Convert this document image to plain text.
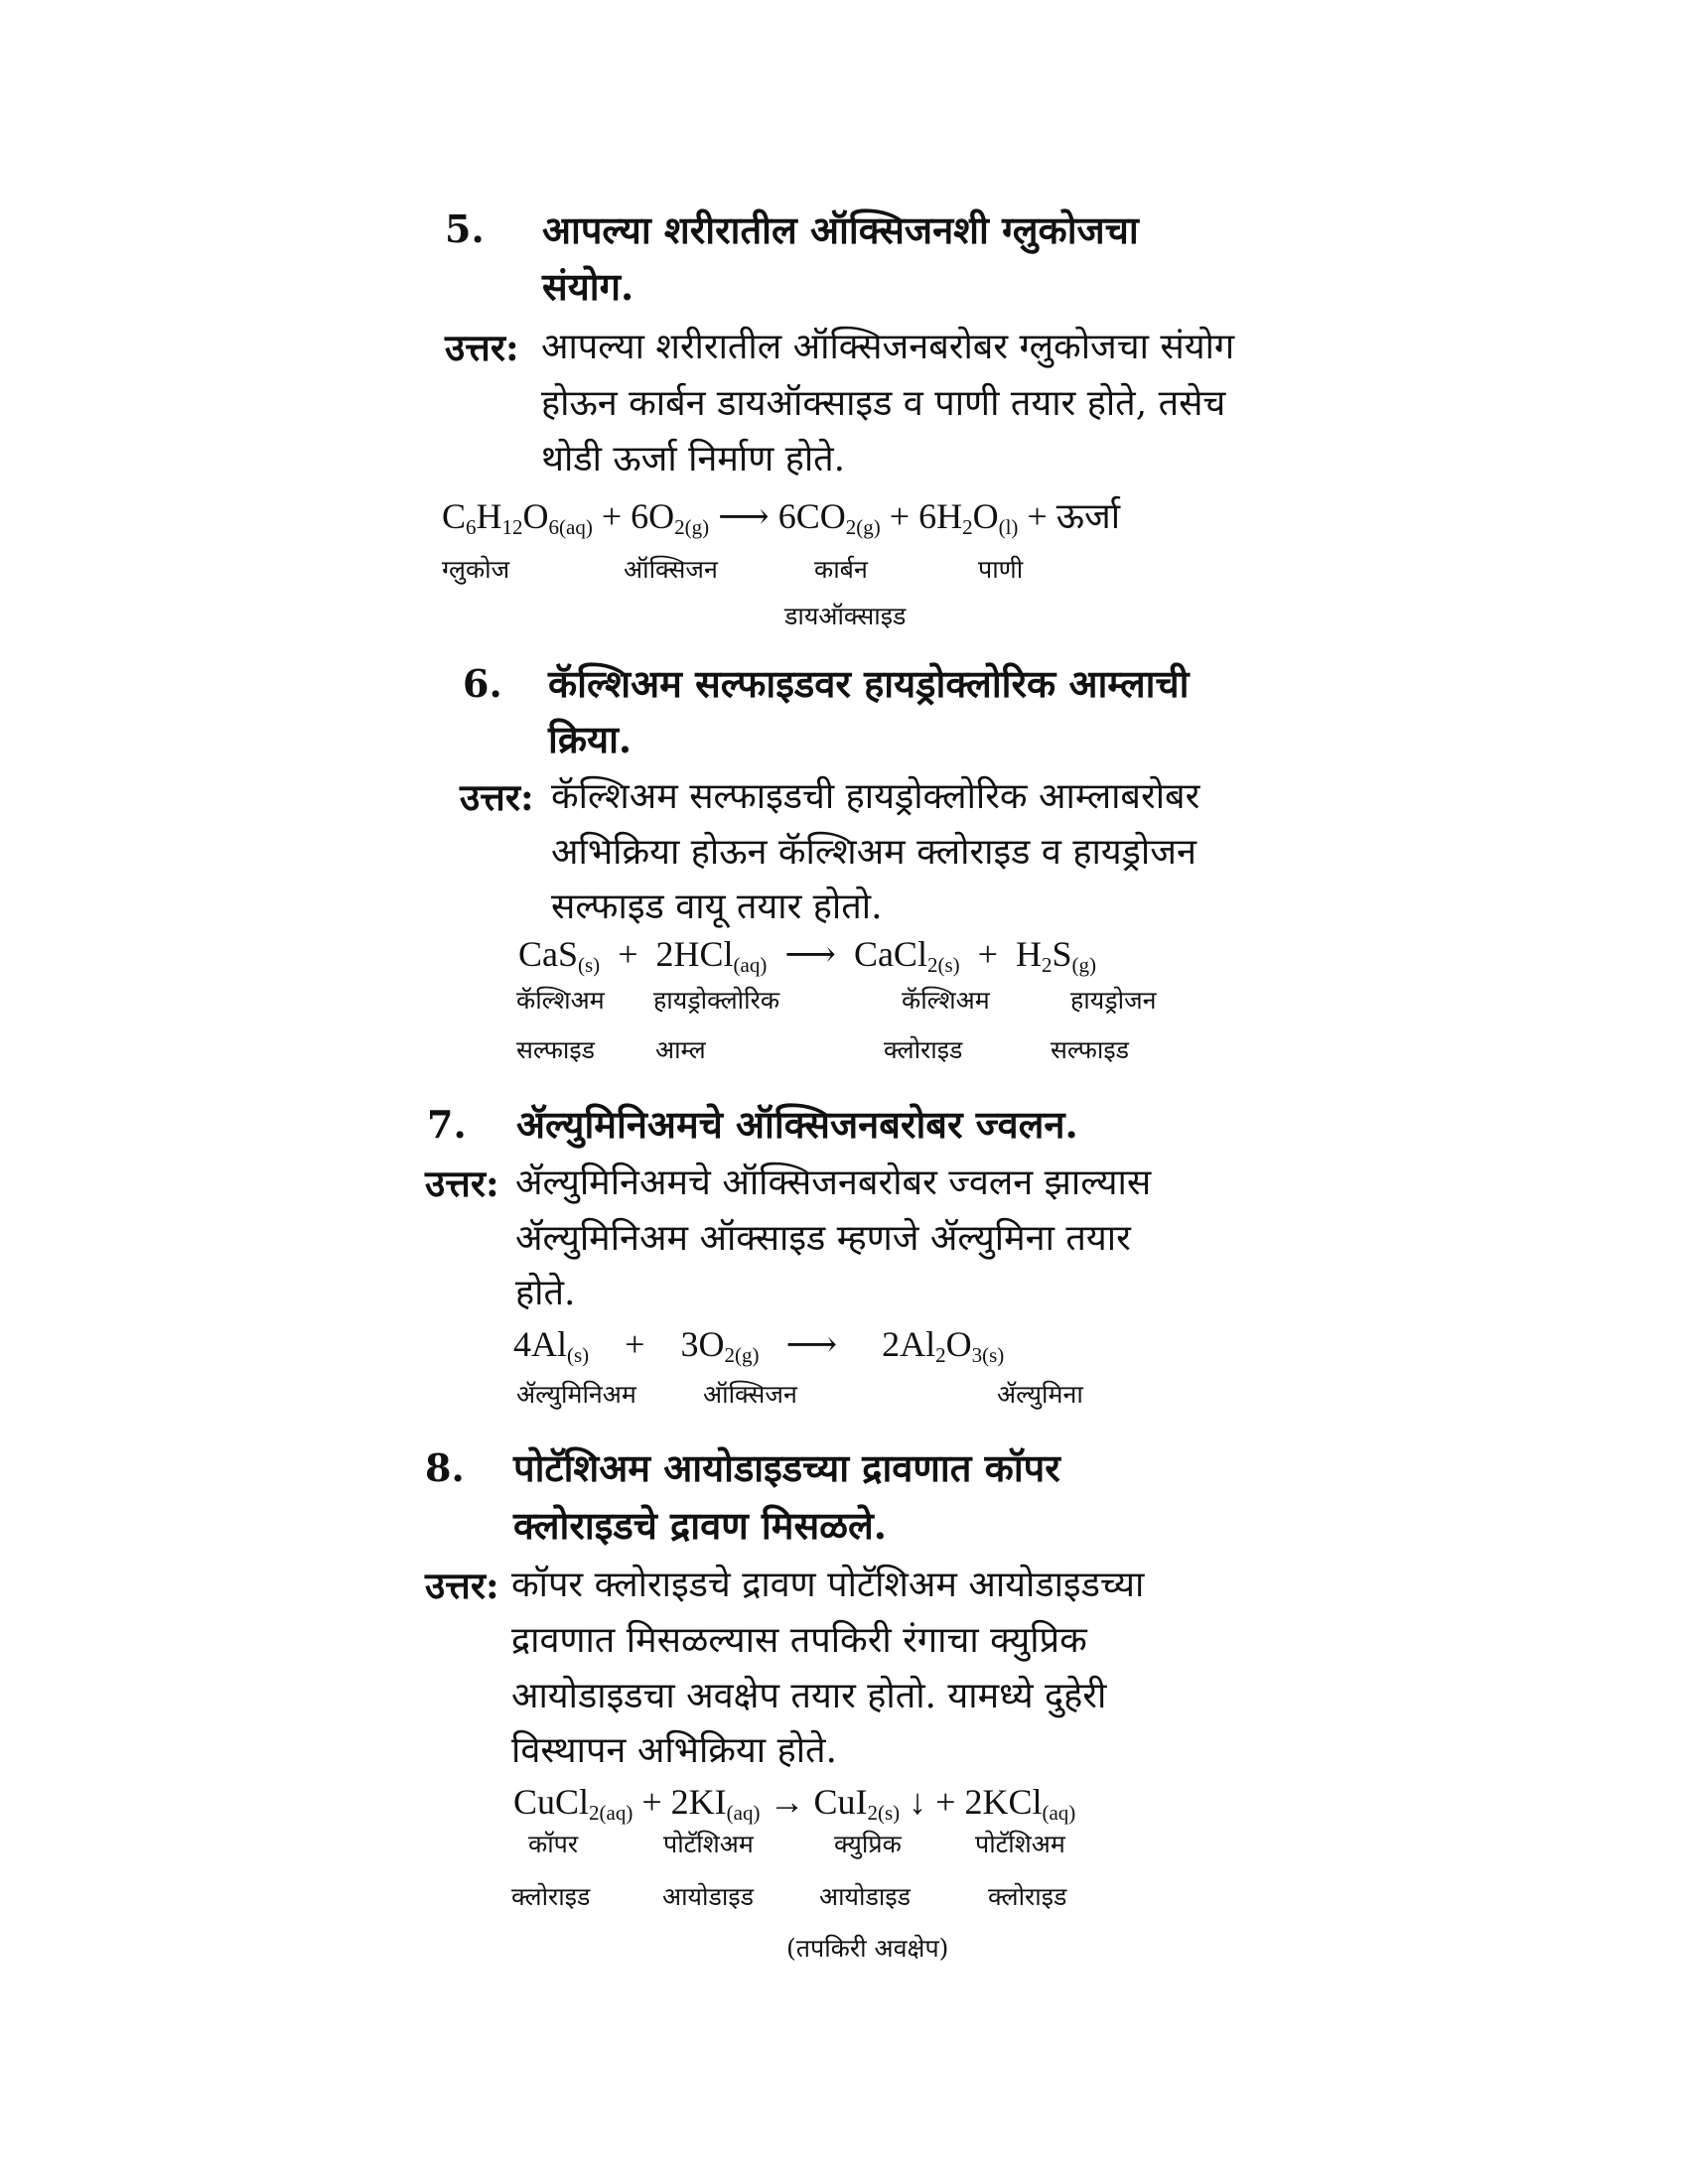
5. आपल्या शरीरातील ऑक्सिजनशी ग्लुकोजचा
संयोग.
उत्तर: आपल्या शरीरातील ऑक्सिजनबरोबर ग्लुकोजचा संयोग
होऊन कार्बन डायऑक्साइड व पाणी तयार होते, तसेच
थोडी ऊर्जा निर्माण होते.
$C_6H_{12}O_{6(aq)} + 6O_{2(g)}$ ⟶ $6CO_{2(g)} + 6H_2O_{(l)}$ + ऊर्जा
ग्लुकोज	ऑक्सिजन	कार्बन	पाणी
डायऑक्साइड
6. कॅल्शिअम सल्फाइडवर हायड्रोक्लोरिक आम्लाची
क्रिया.
उत्तर: कॅल्शिअम सल्फाइडची हायड्रोक्लोरिक आम्लाबरोबर
अभिक्रिया होऊन कॅल्शिअम क्लोराइड व हायड्रोजन
सल्फाइड वायू तयार होतो.
CaS$_{(s)}$ + 2HCl$_{(aq)}$ ⟶ CaCl$_{2(s)}$ + $H_2S_{(g)}$
कॅल्शिअम हायड्रोक्लोरिक	कॅल्शिअम	हायड्रोजन
सल्फाइड आम्ल	क्लोराइड	सल्फाइड
7. ॲल्युमिनिअमचे ऑक्सिजनबरोबर ज्वलन.
उत्तर: ॲल्युमिनिअमचे ऑक्सिजनबरोबर ज्वलन झाल्यास
ॲल्युमिनिअम ऑक्साइड म्हणजे ॲल्युमिना तयार
होते.
$4Al_{(s)} + 3O_{2(g)}$ ⟶ $2Al_2O_{3(s)}$
ॲल्युमिनिअम	ऑक्सिजन	ॲल्युमिना
8. पोटॅशिअम आयोडाइडच्या द्रावणात कॉपर
क्लोराइडचे द्रावण मिसळले.
उत्तर: कॉपर क्लोराइडचे द्रावण पोटॅशिअम आयोडाइडच्या
द्रावणात मिसळल्यास तपकिरी रंगाचा क्युप्रिक
आयोडाइडचा अवक्षेप तयार होतो. यामध्ये दुहेरी
विस्थापन अभिक्रिया होते.
CuCl$_{2(aq)}$ + $2KI_{(aq)} \to CuI_{2(s)}$ ↓ + 2KCl$_{(aq)}$
कॉपर	पोटॅशिअम	क्युप्रिक	पोटॅशिअम
क्लोराइड	आयोडाइड	आयोडाइड	क्लोराइड
(तपकिरी अवक्षेप)
